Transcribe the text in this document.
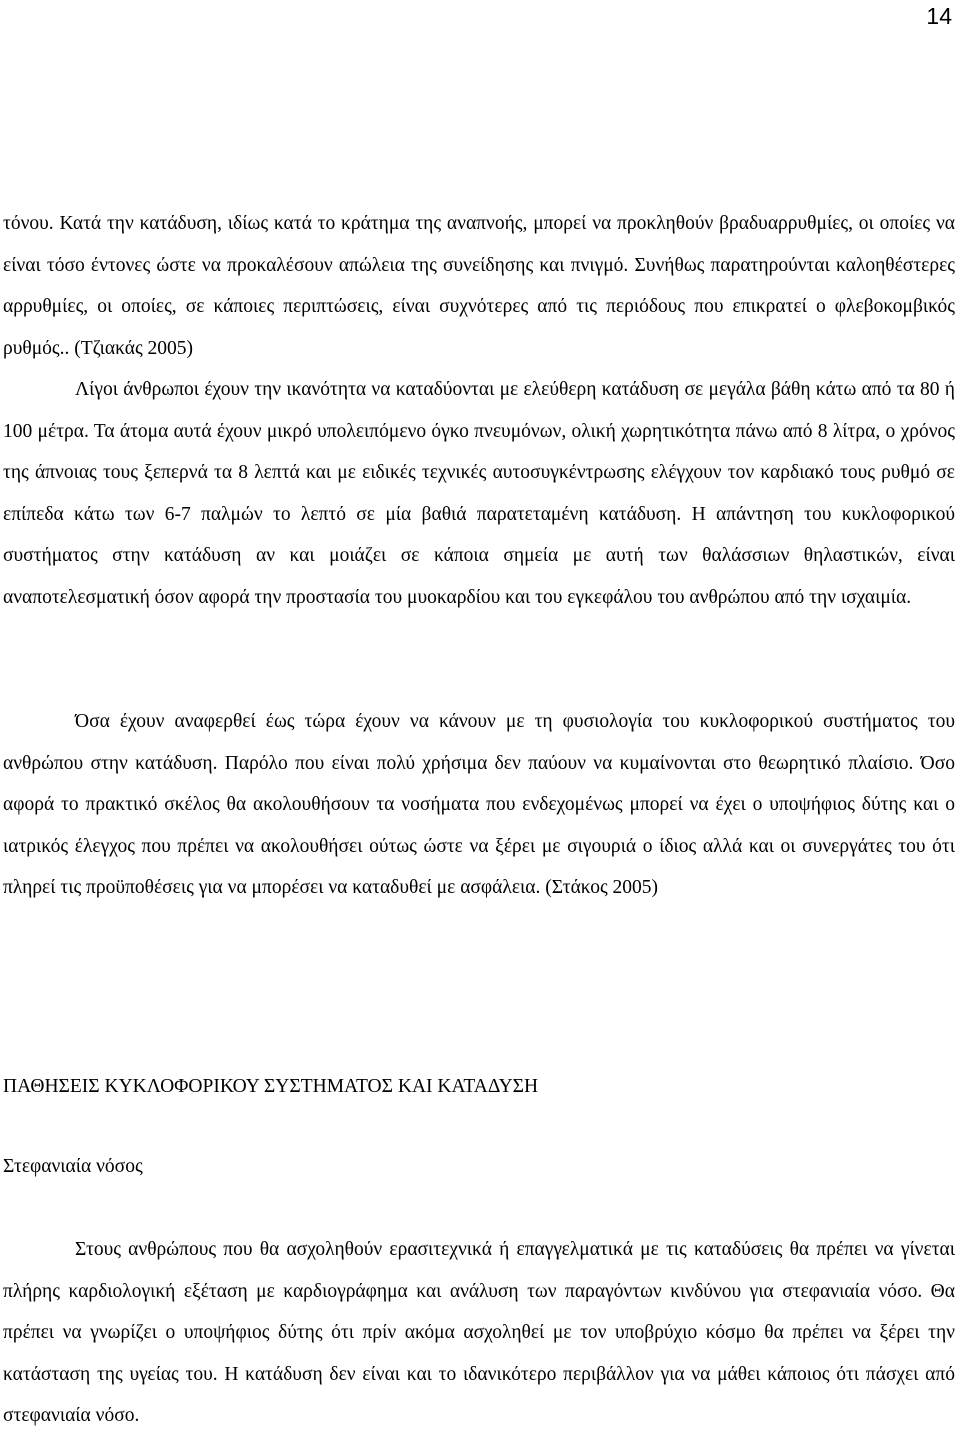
14

τόνου. Κατά την κατάδυση, ιδίως κατά το κράτημα της αναπνοής, μπορεί να προκληθούν βραδυαρρυθμίες, οι οποίες να είναι τόσο έντονες ώστε να προκαλέσουν απώλεια της συνείδησης και πνιγμό. Συνήθως παρατηρούνται καλοηθέστερες αρρυθμίες, οι οποίες, σε κάποιες περιπτώσεις, είναι συχνότερες από τις περιόδους που επικρατεί ο φλεβοκομβικός ρυθμός.. (Τζιακάς 2005)

Λίγοι άνθρωποι έχουν την ικανότητα να καταδύονται με ελεύθερη κατάδυση σε μεγάλα βάθη κάτω από τα 80 ή 100 μέτρα. Τα άτομα αυτά έχουν μικρό υπολειπόμενο όγκο πνευμόνων, ολική χωρητικότητα πάνω από 8 λίτρα, ο χρόνος της άπνοιας τους ξεπερνά τα 8 λεπτά και με ειδικές τεχνικές αυτοσυγκέντρωσης ελέγχουν τον καρδιακό τους ρυθμό σε επίπεδα κάτω των 6-7 παλμών το λεπτό σε μία βαθιά παρατεταμένη κατάδυση. Η απάντηση του κυκλοφορικού συστήματος στην κατάδυση αν και μοιάζει σε κάποια σημεία με αυτή των θαλάσσιων θηλαστικών, είναι αναποτελεσματική όσον αφορά την προστασία του μυοκαρδίου και του εγκεφάλου του ανθρώπου από την ισχαιμία.

Όσα έχουν αναφερθεί έως τώρα έχουν να κάνουν με τη φυσιολογία του κυκλοφορικού συστήματος του ανθρώπου στην κατάδυση. Παρόλο που είναι πολύ χρήσιμα δεν παύουν να κυμαίνονται στο θεωρητικό πλαίσιο. Όσο αφορά το πρακτικό σκέλος θα ακολουθήσουν τα νοσήματα που ενδεχομένως μπορεί να έχει ο υποψήφιος δύτης και ο ιατρικός έλεγχος που πρέπει να ακολουθήσει ούτως ώστε να ξέρει με σιγουριά ο ίδιος αλλά και οι συνεργάτες του ότι πληρεί τις προϋποθέσεις για να μπορέσει να καταδυθεί με ασφάλεια. (Στάκος 2005)

ΠΑΘΗΣΕΙΣ ΚΥΚΛΟΦΟΡΙΚΟΥ ΣΥΣΤΗΜΑΤΟΣ ΚΑΙ ΚΑΤΑΔΥΣΗ
Στεφανιαία νόσος

Στους ανθρώπους που θα ασχοληθούν ερασιτεχνικά ή επαγγελματικά με τις καταδύσεις θα πρέπει να γίνεται πλήρης καρδιολογική εξέταση με καρδιογράφημα και ανάλυση των παραγόντων κινδύνου για στεφανιαία νόσο. Θα πρέπει να γνωρίζει ο υποψήφιος δύτης ότι πρίν ακόμα ασχοληθεί με τον υποβρύχιο κόσμο θα πρέπει να ξέρει την κατάσταση της υγείας του. Η κατάδυση δεν είναι και το ιδανικότερο περιβάλλον για να μάθει κάποιος ότι πάσχει από στεφανιαία νόσο.
